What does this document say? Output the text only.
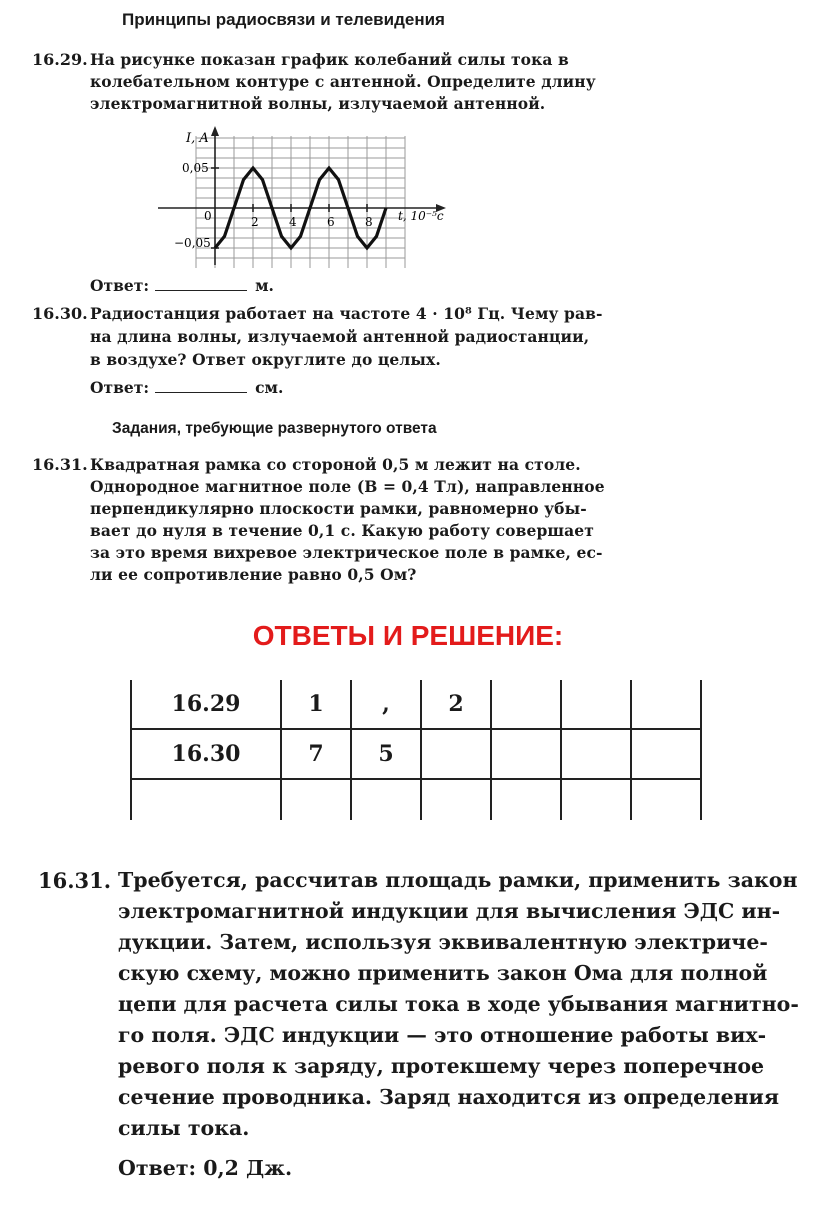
Принципы радиосвязи и телевидения
16.29. На рисунке показан график колебаний силы тока в
колебательном контуре с антенной. Определите длину
электромагнитной волны, излучаемой антенной.
I, A
0,05
0
−0,05
2	4	6	8 t, 10⁻⁵с
Ответ:	м.
16.30. Радиостанция работает на частоте 4 · 10⁸ Гц. Чему рав-
на длина волны, излучаемой антенной радиостанции,
в воздухе? Ответ округлите до целых.
Ответ:	см.
Задания, требующие развернутого ответа
16.31. Квадратная рамка со стороной 0,5 м лежит на столе.
Однородное магнитное поле (B = 0,4 Тл), направленное
перпендикулярно плоскости рамки, равномерно убы-
вает до нуля в течение 0,1 с. Какую работу совершает
за это время вихревое электрическое поле в рамке, ес-
ли ее сопротивление равно 0,5 Ом?
ОТВЕТЫ И РЕШЕНИЕ:
16.29	1	,	2			
16.30	7	5				

16.31. Требуется, рассчитав площадь рамки, применить закон
электромагнитной индукции для вычисления ЭДС ин-
дукции. Затем, используя эквивалентную электриче-
скую схему, можно применить закон Ома для полной
цепи для расчета силы тока в ходе убывания магнитно-
го поля. ЭДС индукции — это отношение работы вих-
ревого поля к заряду, протекшему через поперечное
сечение проводника. Заряд находится из определения
силы тока.
Ответ: 0,2 Дж.
